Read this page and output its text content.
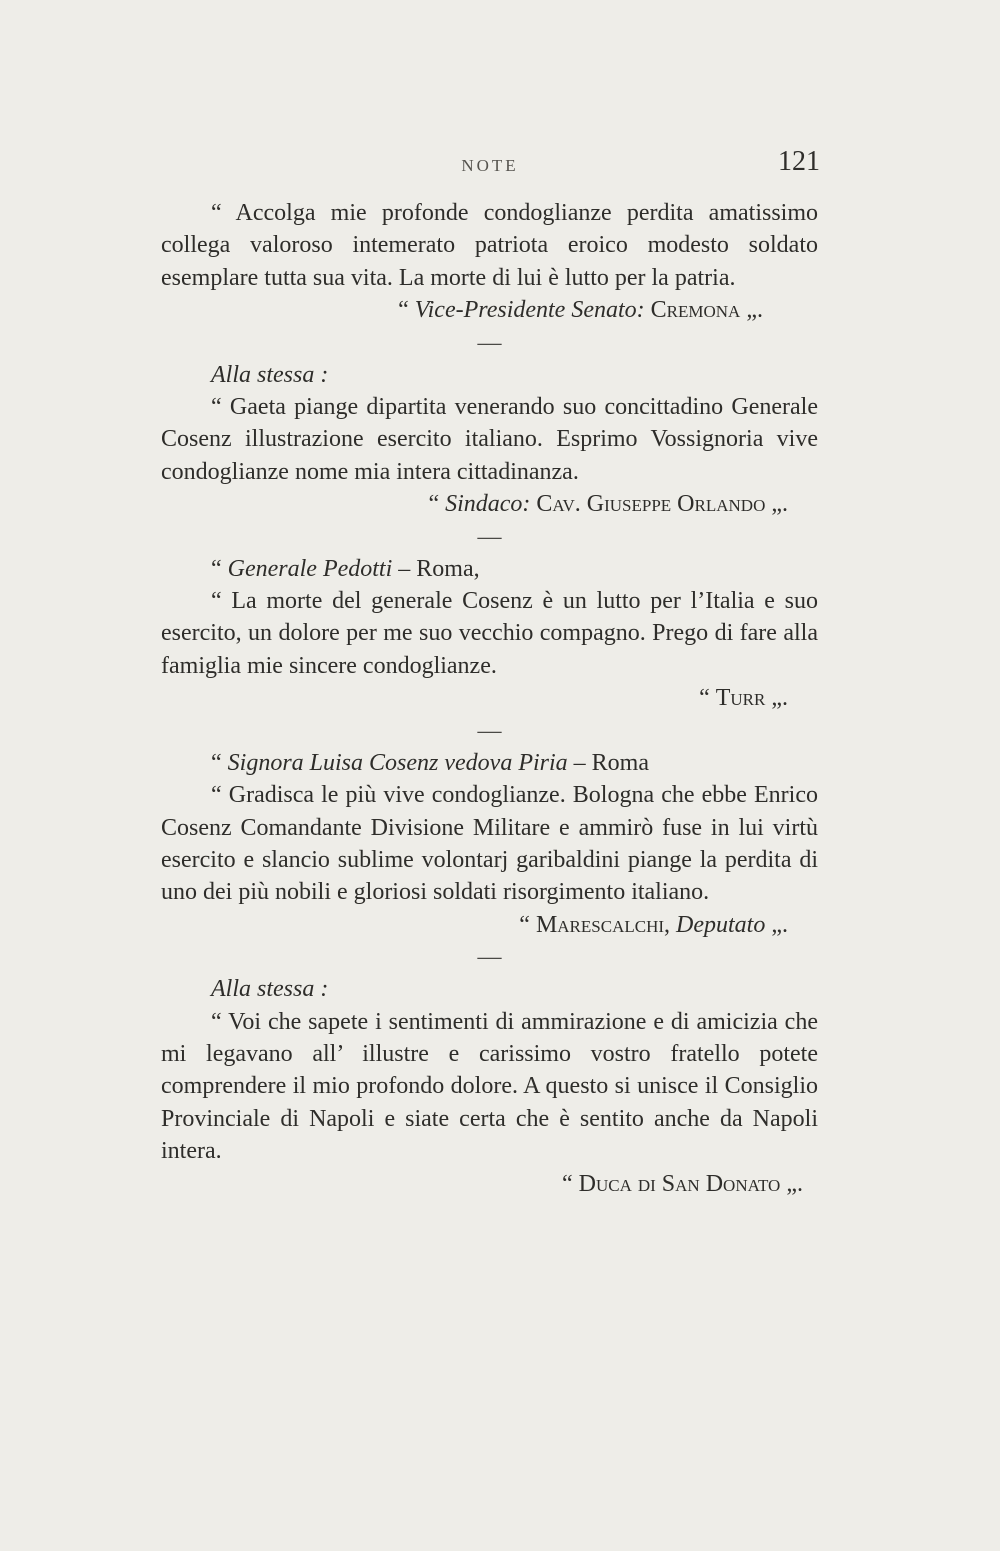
NOTE	121

“ Accolga mie profonde condoglianze perdita amatissimo collega valoroso intemerato patriota eroico modesto soldato esemplare tutta sua vita. La morte di lui è lutto per la patria.

“ Vice-Presidente Senato: Cremona „.

—

Alla stessa :

“ Gaeta piange dipartita venerando suo concittadino Generale Cosenz illustrazione esercito italiano. Esprimo Vossignoria vive condoglianze nome mia intera cittadinanza.

“ Sindaco: Cav. Giuseppe Orlando „.

—

“ Generale Pedotti – Roma,

“ La morte del generale Cosenz è un lutto per l’Italia e suo esercito, un dolore per me suo vecchio compagno. Prego di fare alla famiglia mie sincere condoglianze.

“ Turr „.

—

“ Signora Luisa Cosenz vedova Piria – Roma

“ Gradisca le più vive condoglianze. Bologna che ebbe Enrico Cosenz Comandante Divisione Militare e ammirò fuse in lui virtù esercito e slancio sublime volontarj garibaldini piange la perdita di uno dei più nobili e gloriosi soldati risorgimento italiano.

“ Marescalchi, Deputato „.

—

Alla stessa :

“ Voi che sapete i sentimenti di ammirazione e di amicizia che mi legavano all’ illustre e carissimo vostro fratello potete comprendere il mio profondo dolore. A questo si unisce il Consiglio Provinciale di Napoli e siate certa che è sentito anche da Napoli intera.

“ Duca di San Donato „.
